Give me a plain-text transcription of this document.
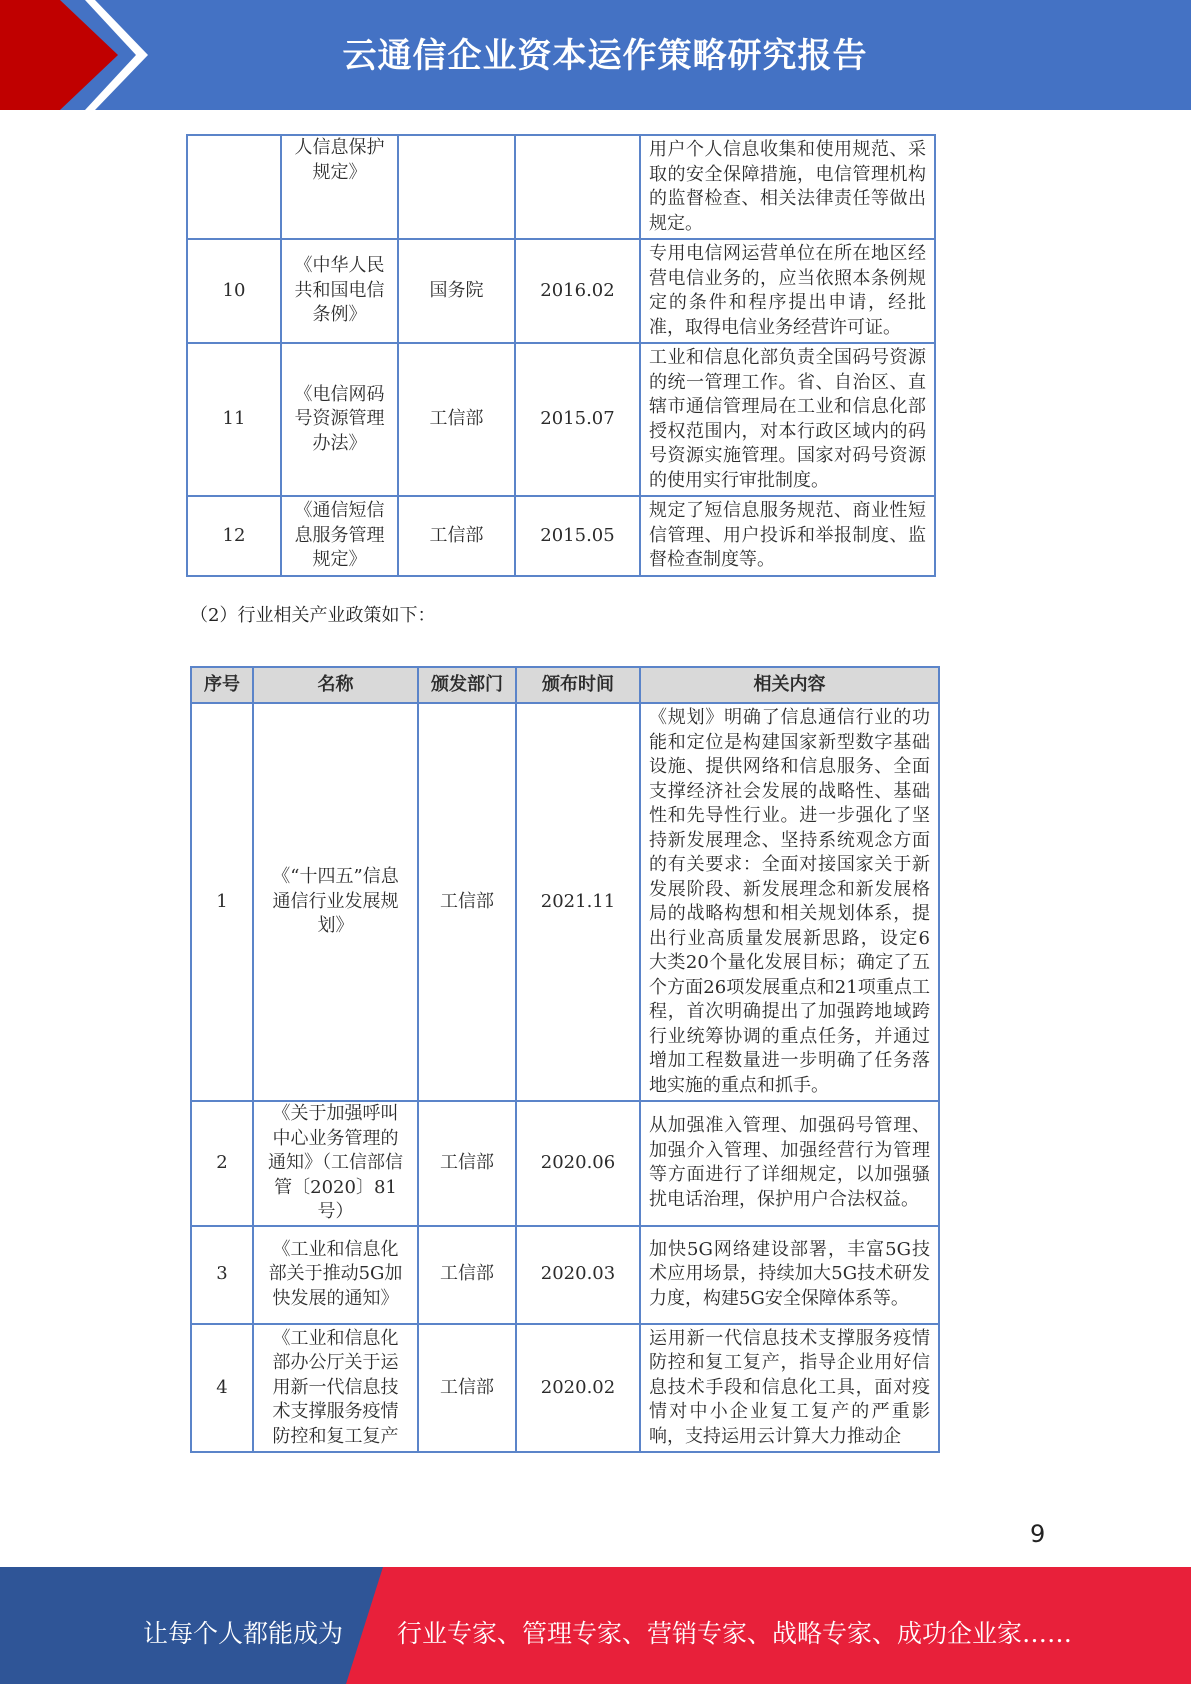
云通信企业资本运作策略研究报告
	人信息保护规定》			用户个人信息收集和使用规范、采取的安全保障措施，电信管理机构的监督检查、相关法律责任等做出规定。
10	《中华人民共和国电信条例》	国务院	2016.02	专用电信网运营单位在所在地区经营电信业务的，应当依照本条例规定的条件和程序提出申请，经批准，取得电信业务经营许可证。
11	《电信网码号资源管理办法》	工信部	2015.07	工业和信息化部负责全国码号资源的统一管理工作。省、自治区、直辖市通信管理局在工业和信息化部授权范围内，对本行政区域内的码号资源实施管理。国家对码号资源的使用实行审批制度。
12	《通信短信息服务管理规定》	工信部	2015.05	规定了短信息服务规范、商业性短信管理、用户投诉和举报制度、监督检查制度等。
（2）行业相关产业政策如下：
序号	名称	颁发部门	颁布时间	相关内容
1	《“十四五”信息通信行业发展规划》	工信部	2021.11	《规划》明确了信息通信行业的功能和定位是构建国家新型数字基础设施、提供网络和信息服务、全面支撑经济社会发展的战略性、基础性和先导性行业。进一步强化了坚持新发展理念、坚持系统观念方面的有关要求：全面对接国家关于新发展阶段、新发展理念和新发展格局的战略构想和相关规划体系，提出行业高质量发展新思路，设定6大类20个量化发展目标；确定了五个方面26项发展重点和21项重点工程，首次明确提出了加强跨地域跨行业统筹协调的重点任务，并通过增加工程数量进一步明确了任务落地实施的重点和抓手。
2	《关于加强呼叫中心业务管理的通知》（工信部信管〔2020〕81号）	工信部	2020.06	从加强准入管理、加强码号管理、加强介入管理、加强经营行为管理等方面进行了详细规定，以加强骚扰电话治理，保护用户合法权益。
3	《工业和信息化部关于推动5G加快发展的通知》	工信部	2020.03	加快5G网络建设部署，丰富5G技术应用场景，持续加大5G技术研发力度，构建5G安全保障体系等。
4	《工业和信息化部办公厅关于运用新一代信息技术支撑服务疫情防控和复工复产	工信部	2020.02	运用新一代信息技术支撑服务疫情防控和复工复产，指导企业用好信息技术手段和信息化工具，面对疫情对中小企业复工复产的严重影响，支持运用云计算大力推动企
9
让每个人都能成为 行业专家、管理专家、营销专家、战略专家、成功企业家……
